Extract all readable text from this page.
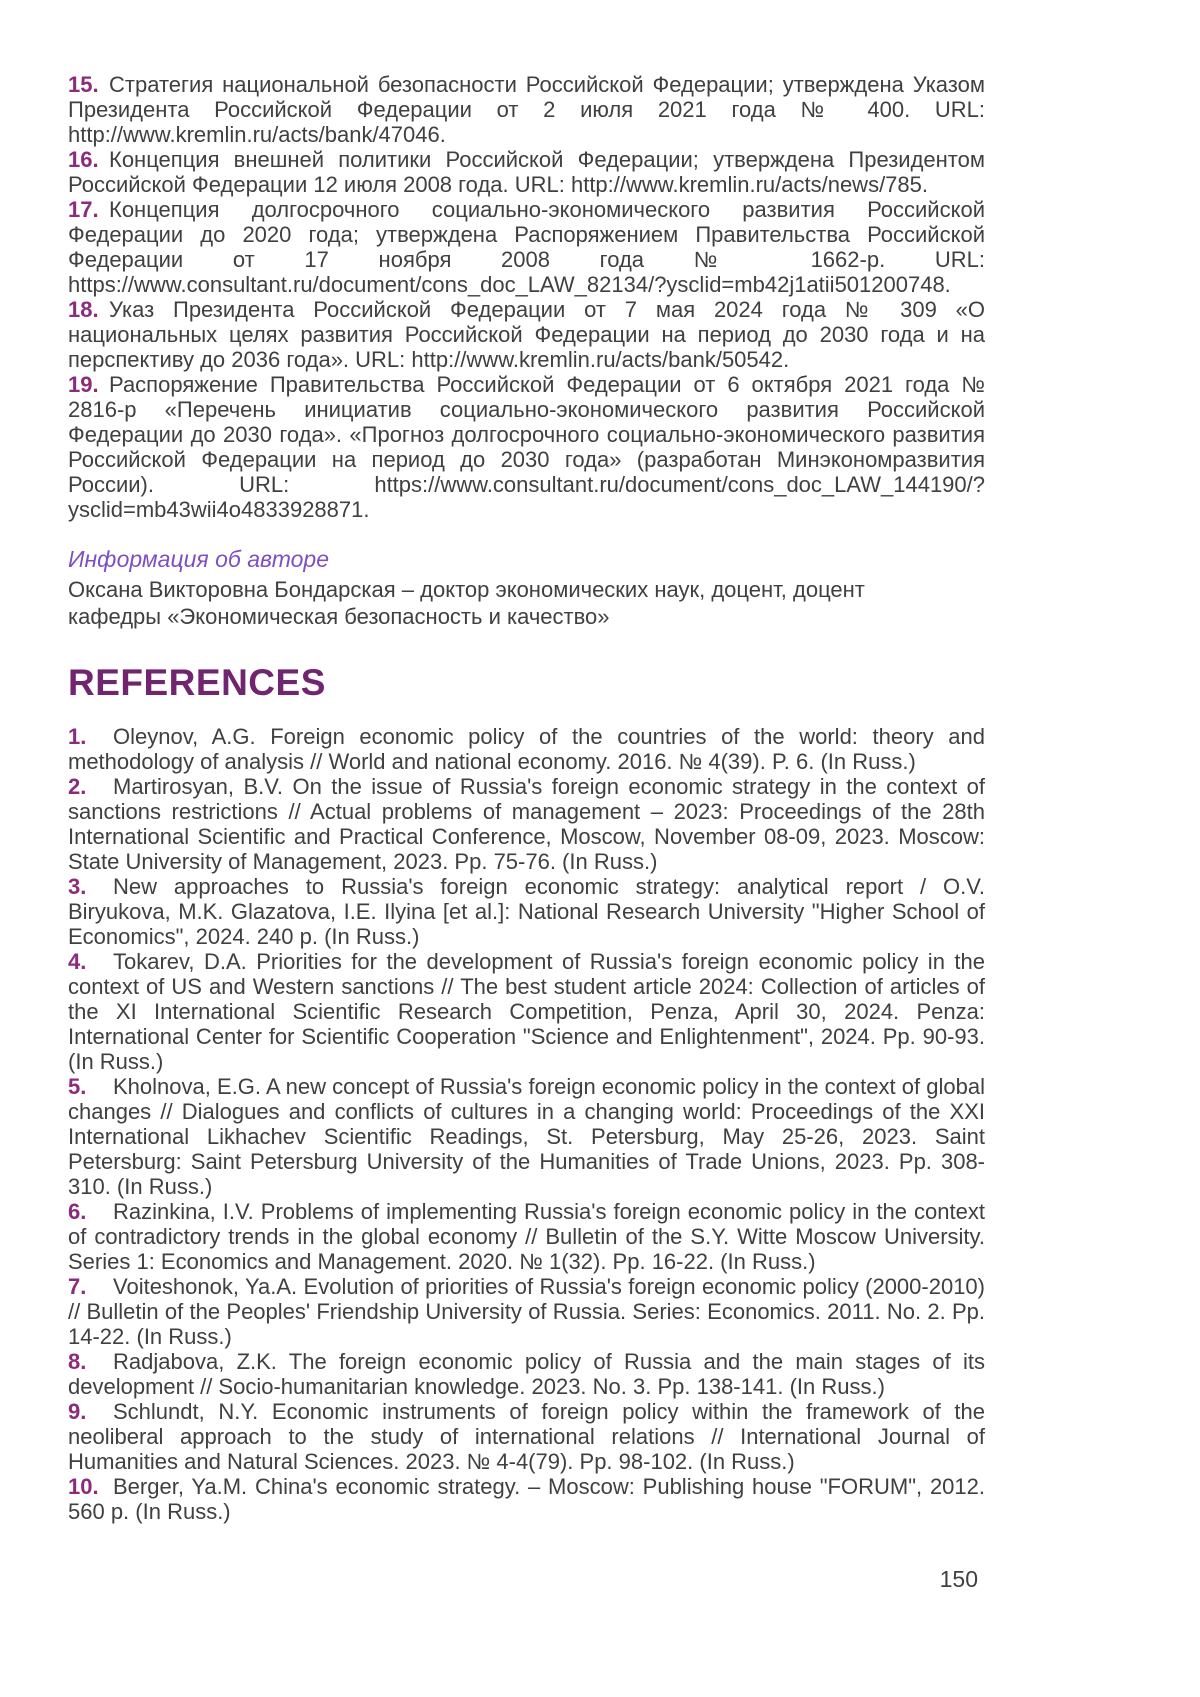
15. Стратегия национальной безопасности Российской Федерации; утверждена Указом Президента Российской Федерации от 2 июля 2021 года № 400. URL: http://www.kremlin.ru/acts/bank/47046.

16. Концепция внешней политики Российской Федерации; утверждена Президентом Российской Федерации 12 июля 2008 года. URL: http://www.kremlin.ru/acts/news/785.

17. Концепция долгосрочного социально-экономического развития Российской Федерации до 2020 года; утверждена Распоряжением Правительства Российской Федерации от 17 ноября 2008 года № 1662-р. URL: https://www.consultant.ru/document/cons_doc_LAW_82134/?ysclid=mb42j1atii501200748.

18. Указ Президента Российской Федерации от 7 мая 2024 года № 309 «О национальных целях развития Российской Федерации на период до 2030 года и на перспективу до 2036 года». URL: http://www.kremlin.ru/acts/bank/50542.

19. Распоряжение Правительства Российской Федерации от 6 октября 2021 года № 2816-р «Перечень инициатив социально-экономического развития Российской Федерации до 2030 года». «Прогноз долгосрочного социально-экономического развития Российской Федерации на период до 2030 года» (разработан Минэкономразвития России). URL: https://www.consultant.ru/document/cons_doc_LAW_144190/?ysclid=mb43wii4o4833928871.

Информация об авторе

Оксана Викторовна Бондарская – доктор экономических наук, доцент, доцент кафедры «Экономическая безопасность и качество»

REFERENCES

1. Oleynov, A.G. Foreign economic policy of the countries of the world: theory and methodology of analysis // World and national economy. 2016. № 4(39). P. 6. (In Russ.)

2. Martirosyan, B.V. On the issue of Russia's foreign economic strategy in the context of sanctions restrictions // Actual problems of management – 2023: Proceedings of the 28th International Scientific and Practical Conference, Moscow, November 08-09, 2023. Moscow: State University of Management, 2023. Pp. 75-76. (In Russ.)

3. New approaches to Russia's foreign economic strategy: analytical report / O.V. Biryukova, M.K. Glazatova, I.E. Ilyina [et al.]: National Research University "Higher School of Economics", 2024. 240 p. (In Russ.)

4. Tokarev, D.A. Priorities for the development of Russia's foreign economic policy in the context of US and Western sanctions // The best student article 2024: Collection of articles of the XI International Scientific Research Competition, Penza, April 30, 2024. Penza: International Center for Scientific Cooperation "Science and Enlightenment", 2024. Pp. 90-93. (In Russ.)

5. Kholnova, E.G. A new concept of Russia's foreign economic policy in the context of global changes // Dialogues and conflicts of cultures in a changing world: Proceedings of the XXI International Likhachev Scientific Readings, St. Petersburg, May 25-26, 2023. Saint Petersburg: Saint Petersburg University of the Humanities of Trade Unions, 2023. Pp. 308-310. (In Russ.)

6. Razinkina, I.V. Problems of implementing Russia's foreign economic policy in the context of contradictory trends in the global economy // Bulletin of the S.Y. Witte Moscow University. Series 1: Economics and Management. 2020. № 1(32). Pp. 16-22. (In Russ.)

7. Voiteshonok, Ya.A. Evolution of priorities of Russia's foreign economic policy (2000-2010) // Bulletin of the Peoples' Friendship University of Russia. Series: Economics. 2011. No. 2. Pp. 14-22. (In Russ.)

8. Radjabova, Z.K. The foreign economic policy of Russia and the main stages of its development // Socio-humanitarian knowledge. 2023. No. 3. Pp. 138-141. (In Russ.)

9. Schlundt, N.Y. Economic instruments of foreign policy within the framework of the neoliberal approach to the study of international relations // International Journal of Humanities and Natural Sciences. 2023. № 4-4(79). Pp. 98-102. (In Russ.)

10. Berger, Ya.M. China's economic strategy. – Moscow: Publishing house "FORUM", 2012. 560 p. (In Russ.)

150
